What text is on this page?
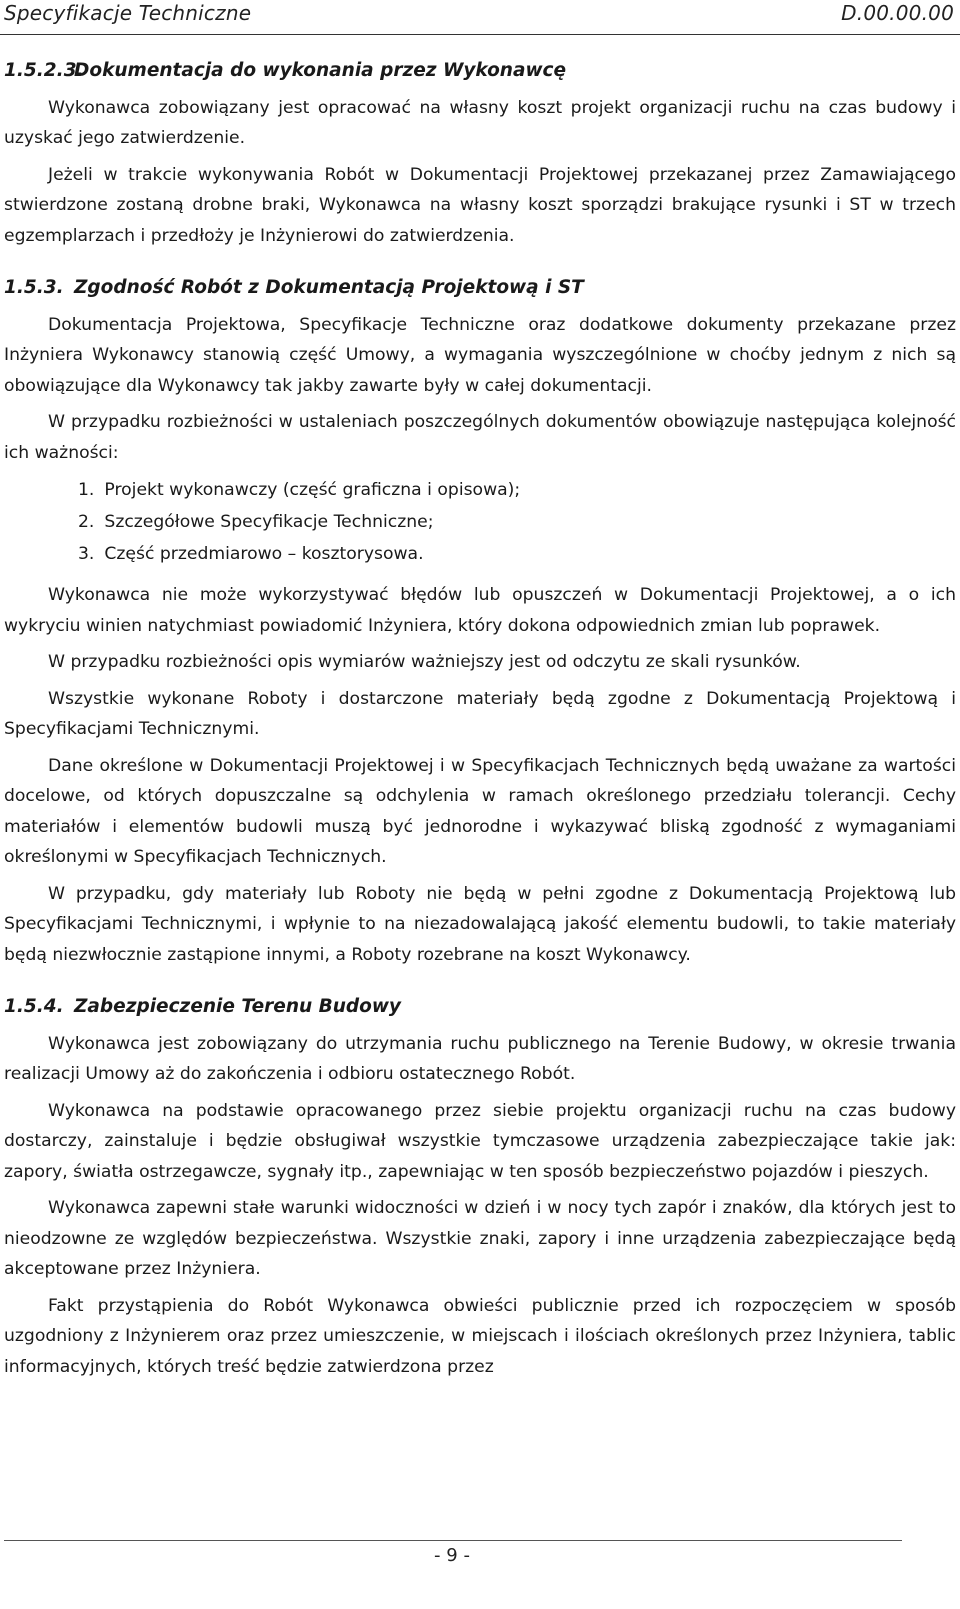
Specyfikacje Techniczne	D.00.00.00
1.5.2.3.
Dokumentacja do wykonania przez Wykonawcę

Wykonawca zobowiązany jest opracować na własny koszt projekt organizacji ruchu na czas budowy i uzyskać jego zatwierdzenie.

Jeżeli w trakcie wykonywania Robót w Dokumentacji Projektowej przekazanej przez Zamawiającego stwierdzone zostaną drobne braki, Wykonawca na własny koszt sporządzi brakujące rysunki i ST w trzech egzemplarzach i przedłoży je Inżynierowi do zatwierdzenia.

1.5.3. Zgodność Robót z Dokumentacją Projektową i ST

Dokumentacja Projektowa, Specyfikacje Techniczne oraz dodatkowe dokumenty przekazane przez Inżyniera Wykonawcy stanowią część Umowy, a wymagania wyszczególnione w choćby jednym z nich są obowiązujące dla Wykonawcy tak jakby zawarte były w całej dokumentacji.

W przypadku rozbieżności w ustaleniach poszczególnych dokumentów obowiązuje następująca kolejność ich ważności:

1. Projekt wykonawczy (część graficzna i opisowa);
2. Szczegółowe Specyfikacje Techniczne;
3. Część przedmiarowo – kosztorysowa.

Wykonawca nie może wykorzystywać błędów lub opuszczeń w Dokumentacji Projektowej, a o ich wykryciu winien natychmiast powiadomić Inżyniera, który dokona odpowiednich zmian lub poprawek.

W przypadku rozbieżności opis wymiarów ważniejszy jest od odczytu ze skali rysunków.

Wszystkie wykonane Roboty i dostarczone materiały będą zgodne z Dokumentacją Projektową i Specyfikacjami Technicznymi.

Dane określone w Dokumentacji Projektowej i w Specyfikacjach Technicznych będą uważane za wartości docelowe, od których dopuszczalne są odchylenia w ramach określonego przedziału tolerancji. Cechy materiałów i elementów budowli muszą być jednorodne i wykazywać bliską zgodność z wymaganiami określonymi w Specyfikacjach Technicznych.

W przypadku, gdy materiały lub Roboty nie będą w pełni zgodne z Dokumentacją Projektową lub Specyfikacjami Technicznymi, i wpłynie to na niezadowalającą jakość elementu budowli, to takie materiały będą niezwłocznie zastąpione innymi, a Roboty rozebrane na koszt Wykonawcy.

1.5.4. Zabezpieczenie Terenu Budowy

Wykonawca jest zobowiązany do utrzymania ruchu publicznego na Terenie Budowy, w okresie trwania realizacji Umowy aż do zakończenia i odbioru ostatecznego Robót.

Wykonawca na podstawie opracowanego przez siebie projektu organizacji ruchu na czas budowy dostarczy, zainstaluje i będzie obsługiwał wszystkie tymczasowe urządzenia zabezpieczające takie jak: zapory, światła ostrzegawcze, sygnały itp., zapewniając w ten sposób bezpieczeństwo pojazdów i pieszych.

Wykonawca zapewni stałe warunki widoczności w dzień i w nocy tych zapór i znaków, dla których jest to nieodzowne ze względów bezpieczeństwa. Wszystkie znaki, zapory i inne urządzenia zabezpieczające będą akceptowane przez Inżyniera.

Fakt przystąpienia do Robót Wykonawca obwieści publicznie przed ich rozpoczęciem w sposób uzgodniony z Inżynierem oraz przez umieszczenie, w miejscach i ilościach określonych przez Inżyniera, tablic informacyjnych, których treść będzie zatwierdzona przez

- 9 -
